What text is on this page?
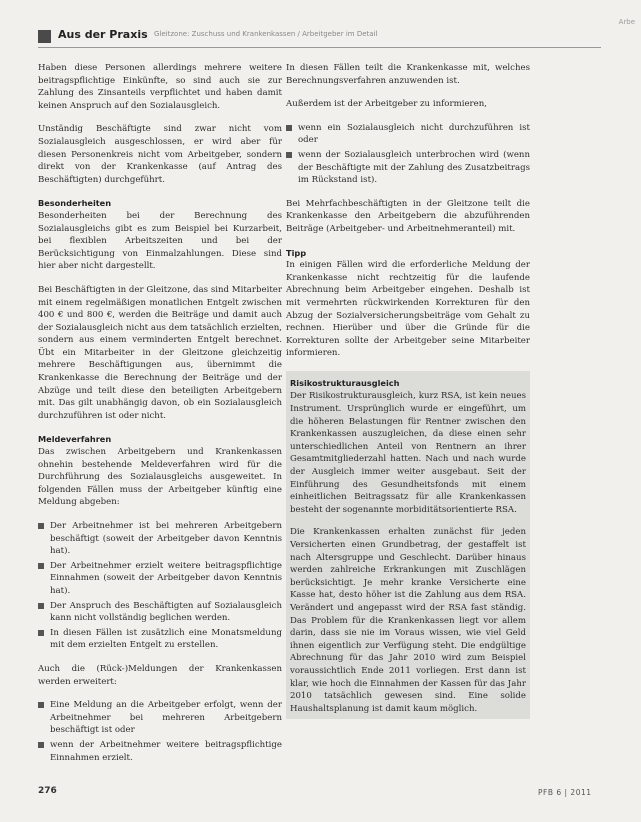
Aus der Praxis Gleitzone: Zuschuss und Krankenkassen / Arbeitgeber im Detail
Arbe

Haben diese Personen allerdings mehrere weitere beitragspflichtige Einkünfte, so sind auch sie zur Zahlung des Zinsanteils verpflichtet und haben damit keinen Anspruch auf den Sozialausgleich.

Unständig Beschäftigte sind zwar nicht vom Sozialausgleich ausgeschlossen, er wird aber für diesen Personenkreis nicht vom Arbeitgeber, sondern direkt von der Krankenkasse (auf Antrag des Beschäftigten) durchgeführt.

Besonderheiten

Besonderheiten bei der Berechnung des Sozialausgleichs gibt es zum Beispiel bei Kurzarbeit, bei flexiblen Arbeitszeiten und bei der Berücksichtigung von Einmalzahlungen. Diese sind hier aber nicht dargestellt.

Bei Beschäftigten in der Gleitzone, das sind Mitarbeiter mit einem regelmäßigen monatlichen Entgelt zwischen 400 € und 800 €, werden die Beiträge und damit auch der Sozialausgleich nicht aus dem tatsächlich erzielten, sondern aus einem verminderten Entgelt berechnet. Übt ein Mitarbeiter in der Gleitzone gleichzeitig mehrere Beschäftigungen aus, übernimmt die Krankenkasse die Berechnung der Beiträge und der Abzüge und teilt diese den beteiligten Arbeitgebern mit. Das gilt unabhängig davon, ob ein Sozialausgleich durchzuführen ist oder nicht.

Meldeverfahren

Das zwischen Arbeitgebern und Krankenkassen ohnehin bestehende Meldeverfahren wird für die Durchführung des Sozialausgleichs ausgeweitet. In folgenden Fällen muss der Arbeitgeber künftig eine Meldung abgeben:

Der Arbeitnehmer ist bei mehreren Arbeitgebern beschäftigt (soweit der Arbeitgeber davon Kenntnis hat).
Der Arbeitnehmer erzielt weitere beitragspflichtige Einnahmen (soweit der Arbeitgeber davon Kenntnis hat).
Der Anspruch des Beschäftigten auf Sozialausgleich kann nicht vollständig beglichen werden.
In diesen Fällen ist zusätzlich eine Monatsmeldung mit dem erzielten Entgelt zu erstellen.

Auch die (Rück-)Meldungen der Krankenkassen werden erweitert:

Eine Meldung an die Arbeitgeber erfolgt, wenn der Arbeitnehmer bei mehreren Arbeitgebern beschäftigt ist oder
wenn der Arbeitnehmer weitere beitragspflichtige Einnahmen erzielt.

In diesen Fällen teilt die Krankenkasse mit, welches Berechnungsverfahren anzuwenden ist.

Außerdem ist der Arbeitgeber zu informieren,

wenn ein Sozialausgleich nicht durchzuführen ist oder
wenn der Sozialausgleich unterbrochen wird (wenn der Beschäftigte mit der Zahlung des Zusatzbeitrags im Rückstand ist).

Bei Mehrfachbeschäftigten in der Gleitzone teilt die Krankenkasse den Arbeitgebern die abzuführenden Beiträge (Arbeitgeber- und Arbeitnehmeranteil) mit.

Tipp

In einigen Fällen wird die erforderliche Meldung der Krankenkasse nicht rechtzeitig für die laufende Abrechnung beim Arbeitgeber eingehen. Deshalb ist mit vermehrten rückwirkenden Korrekturen für den Abzug der Sozialversicherungsbeiträge vom Gehalt zu rechnen. Hierüber und über die Gründe für die Korrekturen sollte der Arbeitgeber seine Mitarbeiter informieren.

Risikostrukturausgleich

Der Risikostrukturausgleich, kurz RSA, ist kein neues Instrument. Ursprünglich wurde er eingeführt, um die höheren Belastungen für Rentner zwischen den Krankenkassen auszugleichen, da diese einen sehr unterschiedlichen Anteil von Rentnern an ihrer Gesamtmitgliederzahl hatten. Nach und nach wurde der Ausgleich immer weiter ausgebaut. Seit der Einführung des Gesundheitsfonds mit einem einheitlichen Beitragssatz für alle Krankenkassen besteht der sogenannte morbiditätsorientierte RSA.

Die Krankenkassen erhalten zunächst für jeden Versicherten einen Grundbetrag, der gestaffelt ist nach Altersgruppe und Geschlecht. Darüber hinaus werden zahlreiche Erkrankungen mit Zuschlägen berücksichtigt. Je mehr kranke Versicherte eine Kasse hat, desto höher ist die Zahlung aus dem RSA. Verändert und angepasst wird der RSA fast ständig. Das Problem für die Krankenkassen liegt vor allem darin, dass sie nie im Voraus wissen, wie viel Geld ihnen eigentlich zur Verfügung steht. Die endgültige Abrechnung für das Jahr 2010 wird zum Beispiel voraussichtlich Ende 2011 vorliegen. Erst dann ist klar, wie hoch die Einnahmen der Kassen für das Jahr 2010 tatsächlich gewesen sind. Eine solide Haushaltsplanung ist damit kaum möglich.

276	PFB 6 | 2011
